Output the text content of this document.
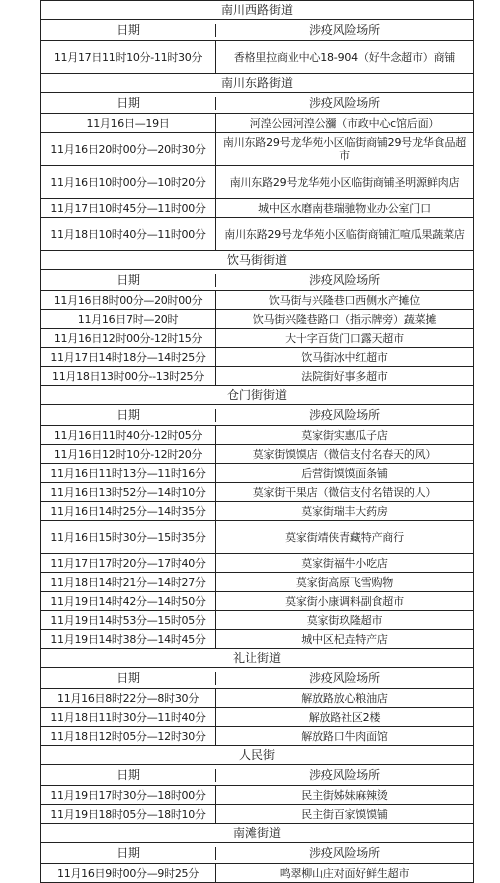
南川西路街道
日期	涉疫风险场所
11月17日11时10分-11时30分	香格里拉商业中心18-904（好牛念超市）商铺
南川东路街道
日期	涉疫风险场所
11月16日—19日	河湟公园河湟公瀰（市政中心c馆后面）
11月16日20时00分—20时30分	南川东路29号龙华苑小区临街商铺29号龙华食品超市
11月16日10时00分—10时20分	南川东路29号龙华苑小区临街商铺圣明源鲜肉店
11月17日10时45分—11时00分	城中区水磨南巷瑞驰物业办公室门口
11月18日10时40分—11时00分	南川东路29号龙华苑小区临街商铺汇喧瓜果蔬菜店
饮马街街道
日期	涉疫风险场所
11月16日8时00分—20时00分	饮马街与兴隆巷口西侧水产摊位
11月16日7时—20时	饮马街兴隆巷路口（指示牌旁）蔬菜摊
11月16日12时00分-12时15分	大十字百货门口露天超市
11月17日14时18分—14时25分	饮马街冰中红超市
11月18日13时00分--13时25分	法院街好事多超市
仓门街街道
日期	涉疫风险场所
11月16日11时40分-12时05分	莫家街实惠瓜子店
11月16日12时10分-12时20分	莫家街馍馍店（微信支付名春天的风）
11月16日11时13分—11时16分	后营街馍馍面条铺
11月16日13时52分—14时10分	莫家街干果店（微信支付名错误的人）
11月16日14时25分—14时35分	莫家街瑞丰大药房
11月16日15时30分—15时35分	莫家街靖侠青藏特产商行
11月17日17时20分—17时40分	莫家街福牛小吃店
11月18日14时21分—14时27分	莫家街高原飞雪购物
11月19日14时42分—14时50分	莫家街小康调料副食超市
11月19日14时53分—15时05分	莫家街玖隆超市
11月19日14时38分—14时45分	城中区杞垚特产店
礼让街道
日期	涉疫风险场所
11月16日8时22分—8时30分	解放路放心粮油店
11月18日11时30分—11时40分	解放路社区2楼
11月18日12时05分—12时30分	解放路口牛肉面馆
人民街
日期	涉疫风险场所
11月19日17时30分—18时00分	民主街姊妹麻辣烫
11月19日18时05分—18时10分	民主街百家馍馍铺
南滩街道
日期	涉疫风险场所
11月16日9时00分—9时25分	鸣翠柳山庄对面好鲜生超市
